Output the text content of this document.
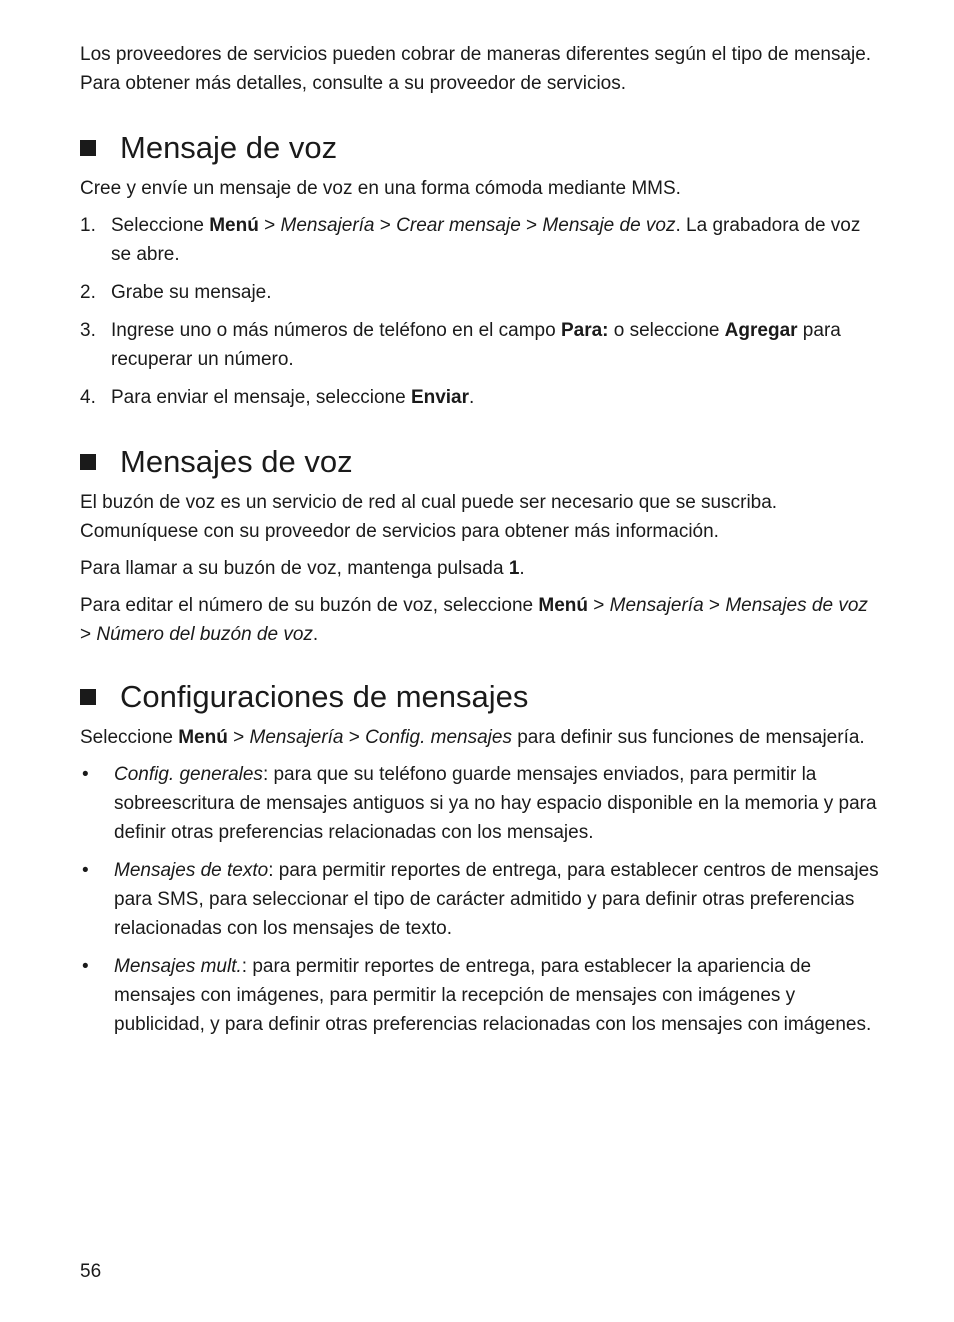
Los proveedores de servicios pueden cobrar de maneras diferentes según el tipo de mensaje. Para obtener más detalles, consulte a su proveedor de servicios.

Mensaje de voz

Cree y envíe un mensaje de voz en una forma cómoda mediante MMS.

1. Seleccione Menú > Mensajería > Crear mensaje > Mensaje de voz. La grabadora de voz se abre.
2. Grabe su mensaje.
3. Ingrese uno o más números de teléfono en el campo Para: o seleccione Agregar para recuperar un número.
4. Para enviar el mensaje, seleccione Enviar.
Mensajes de voz

El buzón de voz es un servicio de red al cual puede ser necesario que se suscriba. Comuníquese con su proveedor de servicios para obtener más información.

Para llamar a su buzón de voz, mantenga pulsada 1.

Para editar el número de su buzón de voz, seleccione Menú > Mensajería > Mensajes de voz > Número del buzón de voz.

Configuraciones de mensajes

Seleccione Menú > Mensajería > Config. mensajes para definir sus funciones de mensajería.

•	Config. generales: para que su teléfono guarde mensajes enviados, para permitir la sobreescritura de mensajes antiguos si ya no hay espacio disponible en la memoria y para definir otras preferencias relacionadas con los mensajes.
•	Mensajes de texto: para permitir reportes de entrega, para establecer centros de mensajes para SMS, para seleccionar el tipo de carácter admitido y para definir otras preferencias relacionadas con los mensajes de texto.
•	Mensajes mult.: para permitir reportes de entrega, para establecer la apariencia de mensajes con imágenes, para permitir la recepción de mensajes con imágenes y publicidad, y para definir otras preferencias relacionadas con los mensajes con imágenes.
56
